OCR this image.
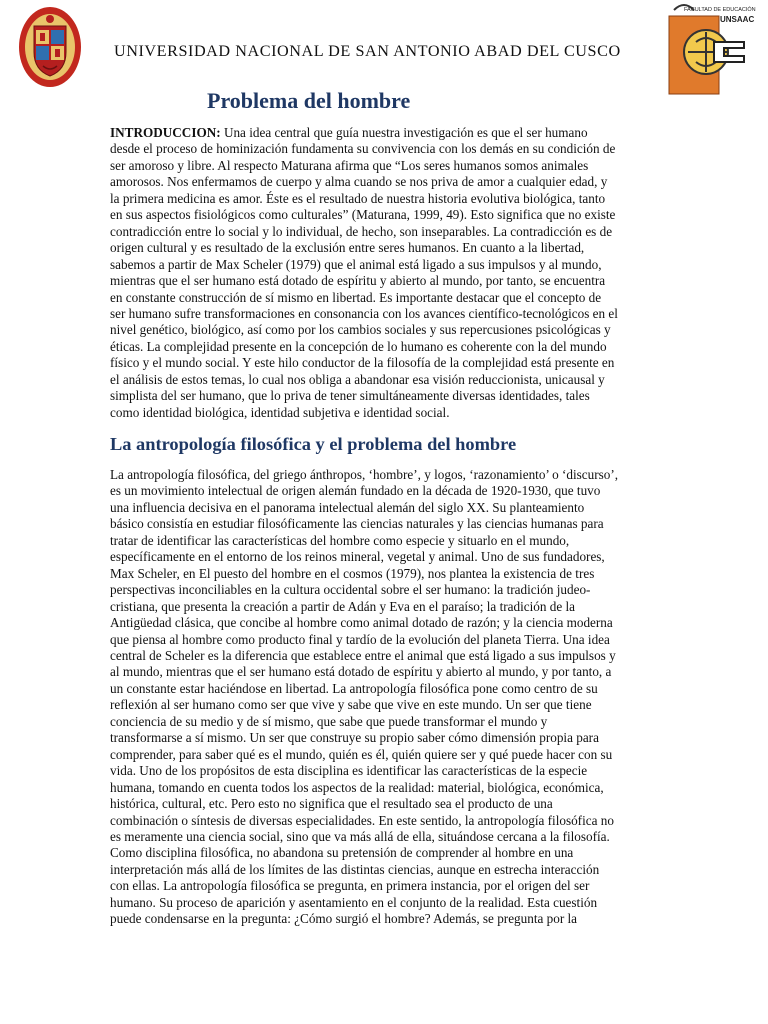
UNIVERSIDAD NACIONAL DE SAN ANTONIO ABAD DEL CUSCO
FACULTAD DE EDUCACIÓN
UNSAAC
Problema del hombre
INTRODUCCION: Una idea central que guía nuestra investigación es que el ser humano
desde el proceso de hominización fundamenta su convivencia con los demás en su condición de
ser amoroso y libre. Al respecto Maturana afirma que “Los seres humanos somos animales
amorosos. Nos enfermamos de cuerpo y alma cuando se nos priva de amor a cualquier edad, y
la primera medicina es amor. Éste es el resultado de nuestra historia evolutiva biológica, tanto
en sus aspectos fisiológicos como culturales” (Maturana, 1999, 49). Esto significa que no existe
contradicción entre lo social y lo individual, de hecho, son inseparables. La contradicción es de
origen cultural y es resultado de la exclusión entre seres humanos. En cuanto a la libertad,
sabemos a partir de Max Scheler (1979) que el animal está ligado a sus impulsos y al mundo,
mientras que el ser humano está dotado de espíritu y abierto al mundo, por tanto, se encuentra
en constante construcción de sí mismo en libertad. Es importante destacar que el concepto de
ser humano sufre transformaciones en consonancia con los avances científico-tecnológicos en el
nivel genético, biológico, así como por los cambios sociales y sus repercusiones psicológicas y
éticas. La complejidad presente en la concepción de lo humano es coherente con la del mundo
físico y el mundo social. Y este hilo conductor de la filosofía de la complejidad está presente en
el análisis de estos temas, lo cual nos obliga a abandonar esa visión reduccionista, unicausal y
simplista del ser humano, que lo priva de tener simultáneamente diversas identidades, tales
como identidad biológica, identidad subjetiva e identidad social.
La antropología filosófica y el problema del hombre
La antropología filosófica, del griego ánthropos, ‘hombre’, y logos, ‘razonamiento’ o ‘discurso’,
es un movimiento intelectual de origen alemán fundado en la década de 1920-1930, que tuvo
una influencia decisiva en el panorama intelectual alemán del siglo XX. Su planteamiento
básico consistía en estudiar filosóficamente las ciencias naturales y las ciencias humanas para
tratar de identificar las características del hombre como especie y situarlo en el mundo,
específicamente en el entorno de los reinos mineral, vegetal y animal. Uno de sus fundadores,
Max Scheler, en El puesto del hombre en el cosmos (1979), nos plantea la existencia de tres
perspectivas inconciliables en la cultura occidental sobre el ser humano: la tradición judeo-
cristiana, que presenta la creación a partir de Adán y Eva en el paraíso; la tradición de la
Antigüedad clásica, que concibe al hombre como animal dotado de razón; y la ciencia moderna
que piensa al hombre como producto final y tardío de la evolución del planeta Tierra. Una idea
central de Scheler es la diferencia que establece entre el animal que está ligado a sus impulsos y
al mundo, mientras que el ser humano está dotado de espíritu y abierto al mundo, y por tanto, a
un constante estar haciéndose en libertad. La antropología filosófica pone como centro de su
reflexión al ser humano como ser que vive y sabe que vive en este mundo. Un ser que tiene
conciencia de su medio y de sí mismo, que sabe que puede transformar el mundo y
transformarse a sí mismo. Un ser que construye su propio saber cómo dimensión propia para
comprender, para saber qué es el mundo, quién es él, quién quiere ser y qué puede hacer con su
vida. Uno de los propósitos de esta disciplina es identificar las características de la especie
humana, tomando en cuenta todos los aspectos de la realidad: material, biológica, económica,
histórica, cultural, etc. Pero esto no significa que el resultado sea el producto de una
combinación o síntesis de diversas especialidades. En este sentido, la antropología filosófica no
es meramente una ciencia social, sino que va más allá de ella, situándose cercana a la filosofía.
Como disciplina filosófica, no abandona su pretensión de comprender al hombre en una
interpretación más allá de los límites de las distintas ciencias, aunque en estrecha interacción
con ellas. La antropología filosófica se pregunta, en primera instancia, por el origen del ser
humano. Su proceso de aparición y asentamiento en el conjunto de la realidad. Esta cuestión
puede condensarse en la pregunta: ¿Cómo surgió el hombre? Además, se pregunta por la
